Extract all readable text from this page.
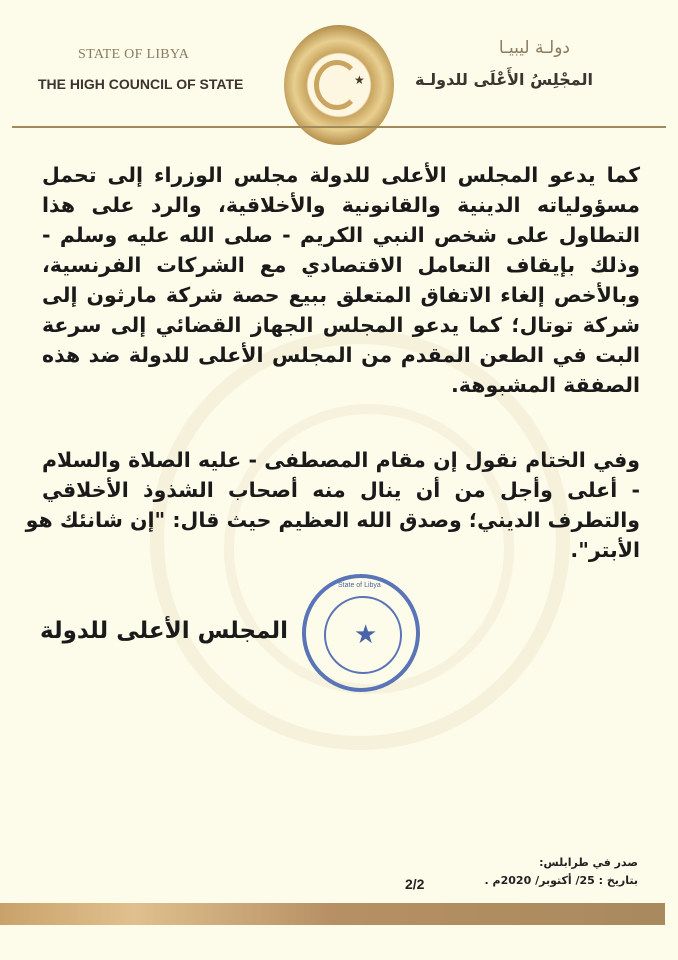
STATE OF LIBYA
THE HIGH COUNCIL OF STATE	★
دولـة ليبيـا
المجْلِسُ الأَعْلَى للدولـة
كما يدعو المجلس الأعلى للدولة مجلس الوزراء إلى تحمل
مسؤولياته الدينية والقانونية والأخلاقية، والرد على هذا
التطاول على شخص النبي الكريم - صلى الله عليه وسلم -
وذلك بإيقاف التعامل الاقتصادي مع الشركات الفرنسية،
وبالأخص إلغاء الاتفاق المتعلق ببيع حصة شركة مارثون إلى
شركة توتال؛ كما يدعو المجلس الجهاز القضائي إلى سرعة
البت في الطعن المقدم من المجلس الأعلى للدولة ضد هذه
الصفقة المشبوهة.
وفي الختام نقول إن مقام المصطفى - عليه الصلاة والسلام
- أعلى وأجل من أن ينال منه أصحاب الشذوذ الأخلاقي
والتطرف الديني؛ وصدق الله العظيم حيث قال: "إن شانئك هو
الأبتر".
المجلس الأعلى للدولة
State of Libya
★
صدر في طرابلس:
بتاريخ : 25/ أكتوبر/ 2020م .
2/2
